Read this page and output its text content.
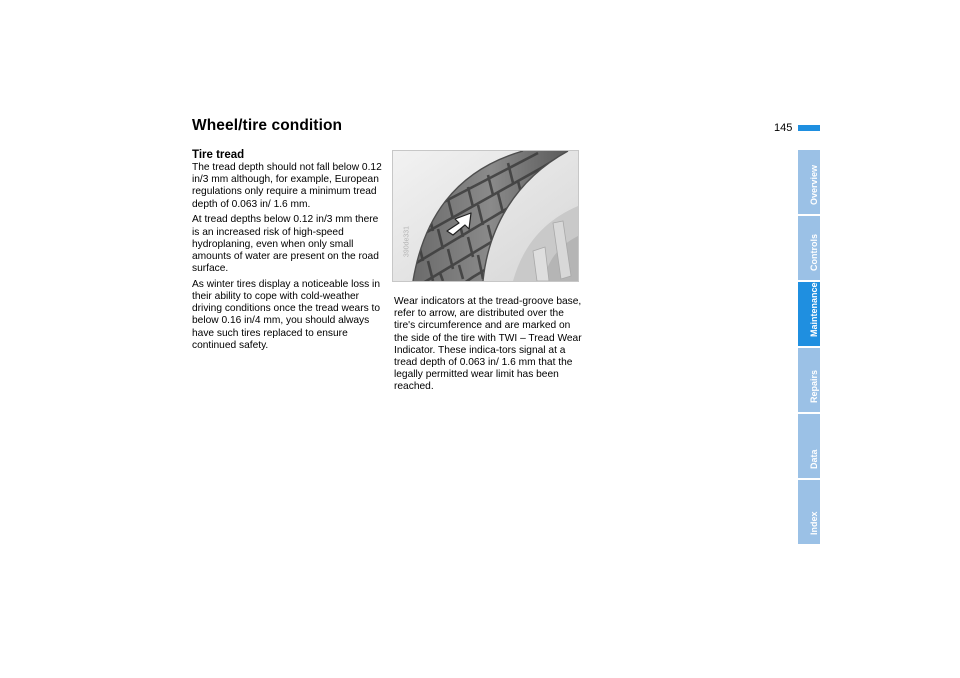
Wheel/tire condition	145

Tire tread

The tread depth should not fall below 0.12 in/3 mm although, for example, European regulations only require a minimum tread depth of 0.063 in/ 1.6 mm.

At tread depths below 0.12 in/3 mm there is an increased risk of high-speed hydroplaning, even when only small amounts of water are present on the road surface.

As winter tires display a noticeable loss in their ability to cope with cold-weather driving conditions once the tread wears to below 0.16 in/4 mm, you should always have such tires replaced to ensure continued safety.

390de331

Wear indicators at the tread-groove base, refer to arrow, are distributed over the tire's circumference and are marked on the side of the tire with TWI – Tread Wear Indicator. These indica-tors signal at a tread depth of 0.063 in/ 1.6 mm that the legally permitted wear limit has been reached.

Overview
Controls
Maintenance
Repairs
Data
Index
